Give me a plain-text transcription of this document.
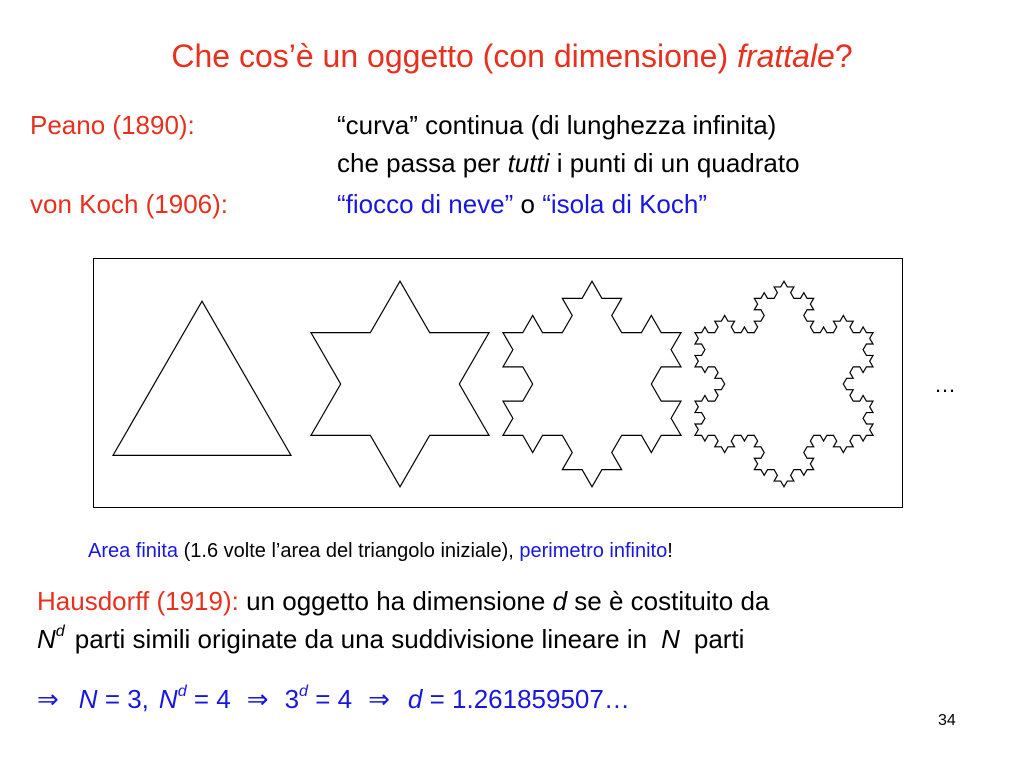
Che cos’è un oggetto (con dimensione) frattale?
Peano (1890):	“curva” continua (di lunghezza infinita)
che passa per tutti i punti di un quadrato
von Koch (1906):	“fiocco di neve” o “isola di Koch”
…
Area finita (1.6 volte l’area del triangolo iniziale), perimetro infinito!
Hausdorff (1919): un oggetto ha dimensione d se è costituito da
$N^d$ parti simili originate da una suddivisione lineare in N parti
⇒ N = 3, $N^d = 4$ ⇒ $3^d = 4$ ⇒ d = 1.261859507…
34
